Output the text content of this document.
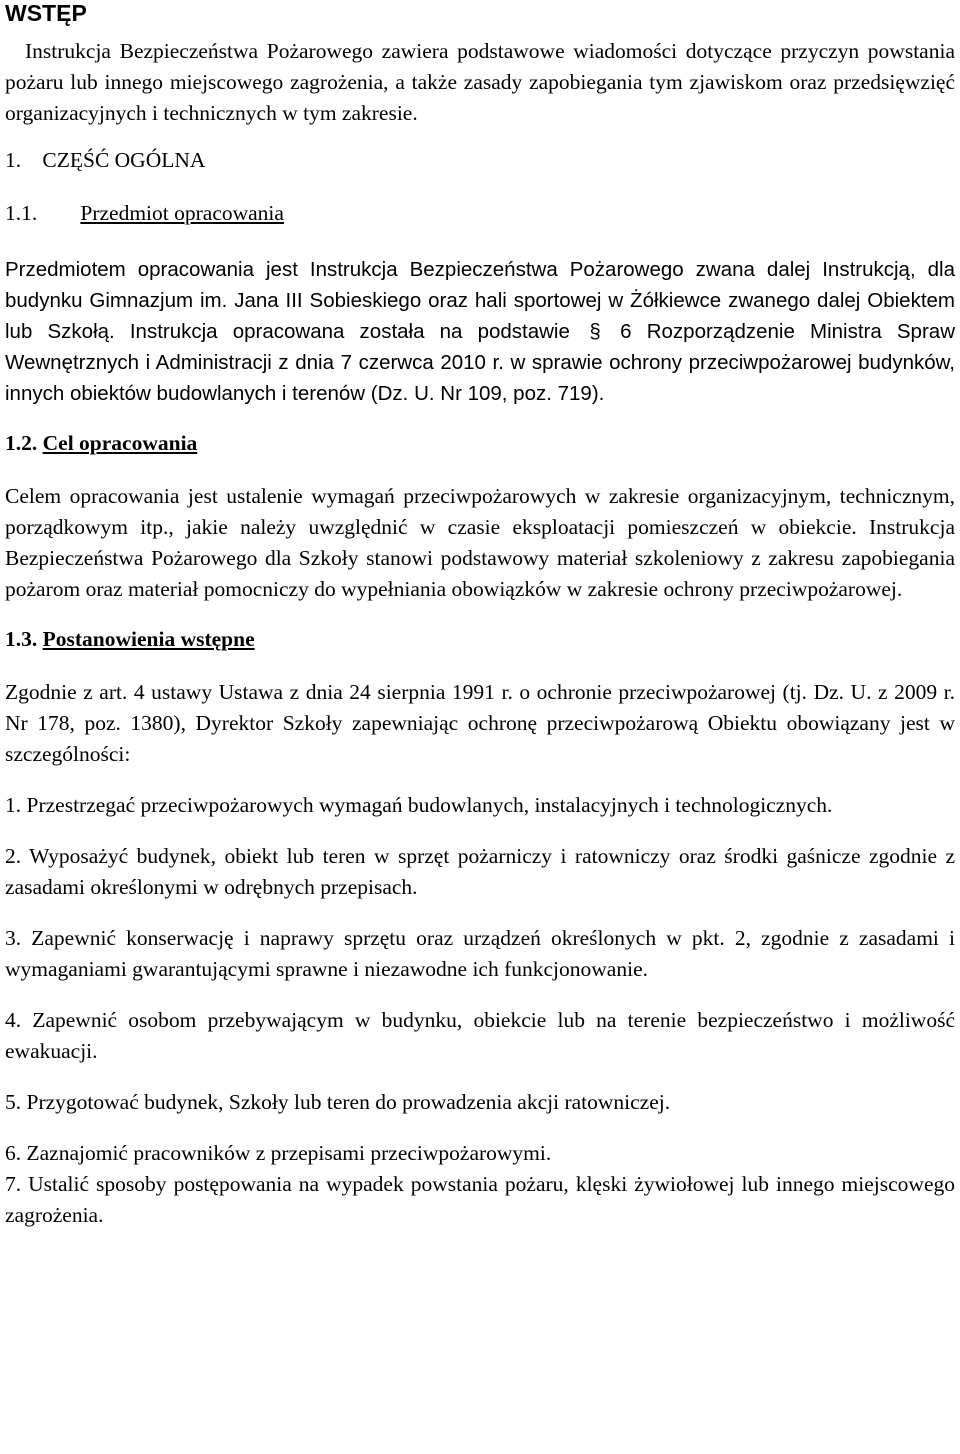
WSTĘP

Instrukcja Bezpieczeństwa Pożarowego zawiera podstawowe wiadomości dotyczące przyczyn powstania pożaru lub innego miejscowego zagrożenia, a także zasady zapobiegania tym zjawiskom oraz przedsięwzięć organizacyjnych i technicznych w tym zakresie.

1. CZĘŚĆ OGÓLNA
1.1. Przedmiot opracowania

Przedmiotem opracowania jest Instrukcja Bezpieczeństwa Pożarowego zwana dalej Instrukcją, dla budynku Gimnazjum im. Jana III Sobieskiego oraz hali sportowej w Żółkiewce zwanego dalej Obiektem lub Szkołą. Instrukcja opracowana została na podstawie § 6 Rozporządzenie Ministra Spraw Wewnętrznych i Administracji z dnia 7 czerwca 2010 r. w sprawie ochrony przeciwpożarowej budynków, innych obiektów budowlanych i terenów (Dz. U. Nr 109, poz. 719).

1.2. Cel opracowania

Celem opracowania jest ustalenie wymagań przeciwpożarowych w zakresie organizacyjnym, technicznym, porządkowym itp., jakie należy uwzględnić w czasie eksploatacji pomieszczeń w obiekcie. Instrukcja Bezpieczeństwa Pożarowego dla Szkoły stanowi podstawowy materiał szkoleniowy z zakresu zapobiegania pożarom oraz materiał pomocniczy do wypełniania obowiązków w zakresie ochrony przeciwpożarowej.

1.3. Postanowienia wstępne

Zgodnie z art. 4 ustawy Ustawa z dnia 24 sierpnia 1991 r. o ochronie przeciwpożarowej (tj. Dz. U. z 2009 r. Nr 178, poz. 1380), Dyrektor Szkoły zapewniając ochronę przeciwpożarową Obiektu obowiązany jest w szczególności:

1. Przestrzegać przeciwpożarowych wymagań budowlanych, instalacyjnych i technologicznych.

2. Wyposażyć budynek, obiekt lub teren w sprzęt pożarniczy i ratowniczy oraz środki gaśnicze zgodnie z zasadami określonymi w odrębnych przepisach.

3. Zapewnić konserwację i naprawy sprzętu oraz urządzeń określonych w pkt. 2, zgodnie z zasadami i wymaganiami gwarantującymi sprawne i niezawodne ich funkcjonowanie.

4. Zapewnić osobom przebywającym w budynku, obiekcie lub na terenie bezpieczeństwo i możliwość ewakuacji.

5. Przygotować budynek, Szkoły lub teren do prowadzenia akcji ratowniczej.

6. Zaznajomić pracowników z przepisami przeciwpożarowymi.

7. Ustalić sposoby postępowania na wypadek powstania pożaru, klęski żywiołowej lub innego miejscowego zagrożenia.
